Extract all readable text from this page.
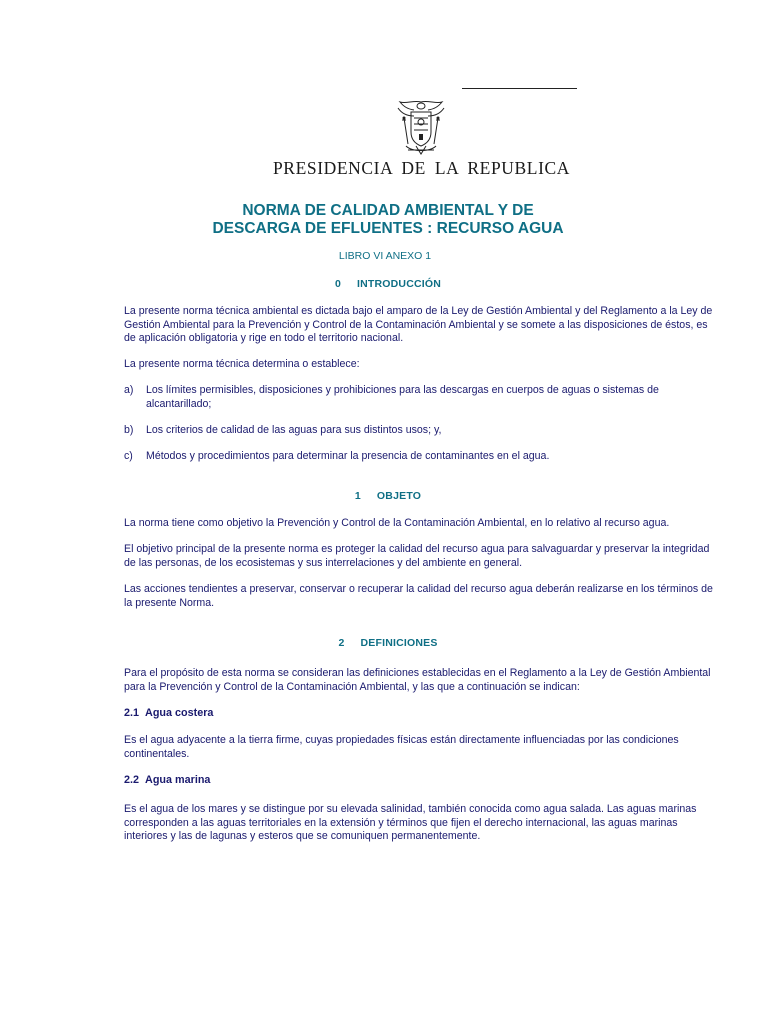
PRESIDENCIA DE LA REPUBLICA
NORMA DE CALIDAD AMBIENTAL Y DE
DESCARGA DE EFLUENTES : RECURSO AGUA
LIBRO VI ANEXO 1
0 INTRODUCCIÓN
La presente norma técnica ambiental es dictada bajo el amparo de la Ley de Gestión Ambiental y del Reglamento a la Ley de Gestión Ambiental para la Prevención y Control de la Contaminación Ambiental y se somete a las disposiciones de éstos, es de aplicación obligatoria y rige en todo el territorio nacional.
La presente norma técnica determina o establece:
a) Los límites permisibles, disposiciones y prohibiciones para las descargas en cuerpos de aguas o sistemas de alcantarillado;
b) Los criterios de calidad de las aguas para sus distintos usos; y,
c) Métodos y procedimientos para determinar la presencia de contaminantes en el agua.
1 OBJETO
La norma tiene como objetivo la Prevención y Control de la Contaminación Ambiental, en lo relativo al recurso agua.
El objetivo principal de la presente norma es proteger la calidad del recurso agua para salvaguardar y preservar la integridad de las personas, de los ecosistemas y sus interrelaciones y del ambiente en general.
Las acciones tendientes a preservar, conservar o recuperar la calidad del recurso agua deberán realizarse en los términos de la presente Norma.
2 DEFINICIONES
Para el propósito de esta norma se consideran las definiciones establecidas en el Reglamento a la Ley de Gestión Ambiental para la Prevención y Control de la Contaminación Ambiental, y las que a continuación se indican:
2.1 Agua costera
Es el agua adyacente a la tierra firme, cuyas propiedades físicas están directamente influenciadas por las condiciones continentales.
2.2 Agua marina
Es el agua de los mares y se distingue por su elevada salinidad, también conocida como agua salada. Las aguas marinas corresponden a las aguas territoriales en la extensión y términos que fijen el derecho internacional, las aguas marinas interiores y las de lagunas y esteros que se comuniquen permanentemente.
